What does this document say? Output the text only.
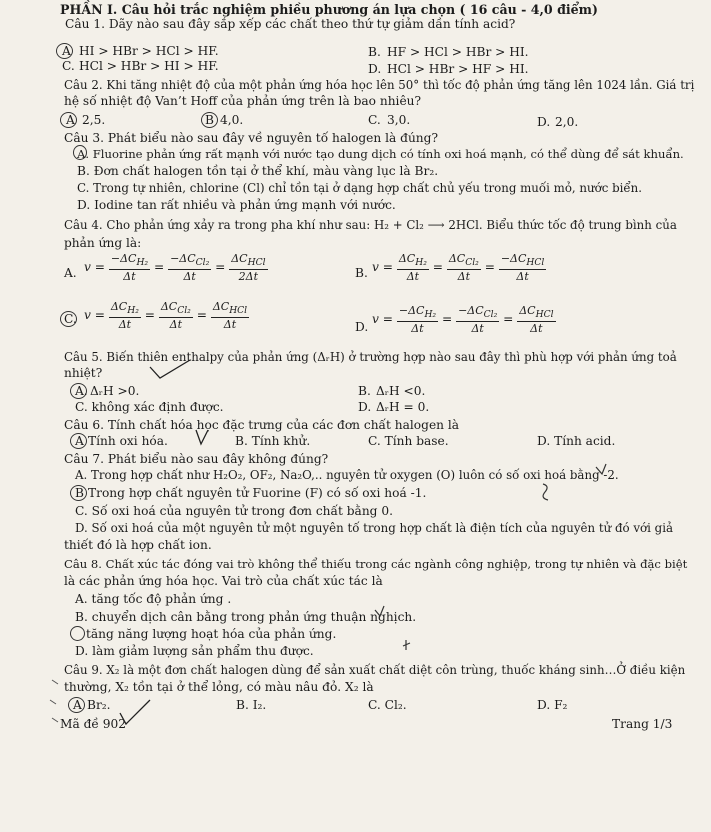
PHẦN I. Câu hỏi trắc nghiệm phiều phương án lựa chọn ( 16 câu - 4,0 điểm)
Câu 1. Dãy nào sau đây sắp xếp các chất theo thứ tự giảm dần tính acid?
A HI > HBr > HCl > HF.	B. HF > HCl > HBr > HI.
C. HCl > HBr > HI > HF.	D. HCl > HBr > HF > HI.
Câu 2. Khi tăng nhiệt độ của một phản ứng hóa học lên 50° thì tốc độ phản ứng tăng lên 1024 lần. Giá trị
hệ số nhiệt độ Van’t Hoff của phản ứng trên là bao nhiêu?
A 2,5.	B 4,0.	C. 3,0.	D. 2,0.
Câu 3. Phát biểu nào sau đây về nguyên tố halogen là đúng?
A. Fluorine phản ứng rất mạnh với nước tạo dung dịch có tính oxi hoá mạnh, có thể dùng để sát khuẩn.
B. Đơn chất halogen tồn tại ở thể khí, màu vàng lục là Br₂.
C. Trong tự nhiên, chlorine (Cl) chỉ tồn tại ở dạng hợp chất chủ yếu trong muối mỏ, nước biển.
D. Iodine tan rất nhiều và phản ứng mạnh với nước.
Câu 4. Cho phản ứng xảy ra trong pha khí như sau: H₂ + Cl₂ ⟶ 2HCl. Biểu thức tốc độ trung bình của
phản ứng là:
A. $v = \frac{-\Delta C_{H_2}}{\Delta t} = \frac{-\Delta C_{Cl_2}}{\Delta t} = \frac{\Delta C_{HCl}}{2\Delta t}$	B. $v = \frac{\Delta C_{H_2}}{\Delta t} = \frac{\Delta C_{Cl_2}}{\Delta t} = \frac{-\Delta C_{HCl}}{\Delta t}$
C. $v = \frac{\Delta C_{H_2}}{\Delta t} = \frac{\Delta C_{Cl_2}}{\Delta t} = \frac{\Delta C_{HCl}}{\Delta t}$	D.
$v = \frac{-\Delta C_{H_2}}{\Delta t} = \frac{-\Delta C_{Cl_2}}{\Delta t} = \frac{\Delta C_{HCl}}{\Delta t}$
Câu 5. Biến thiên enthalpy của phản ứng (ΔᵣH) ở trường hợp nào sau đây thì phù hợp với phản ứng toả
nhiệt?
A. ΔᵣH >0.	B. ΔᵣH <0.
C. không xác định được.	D. ΔᵣH = 0.
Câu 6. Tính chất hóa học đặc trưng của các đơn chất halogen là
A Tính oxi hóa.	B. Tính khử.	C. Tính base.	D. Tính acid.
Câu 7. Phát biểu nào sau đây không đúng?
A. Trong hợp chất như H₂O₂, OF₂, Na₂O,.. nguyên tử oxygen (O) luôn có số oxi hoá bằng -2.
B Trong hợp chất nguyên tử Fuorine (F) có số oxi hoá -1.
C. Số oxi hoá của nguyên tử trong đơn chất bằng 0.
D. Số oxi hoá của một nguyên tử một nguyên tố trong hợp chất là điện tích của nguyên tử đó với giả
thiết đó là hợp chất ion.
Câu 8. Chất xúc tác đóng vai trò không thể thiếu trong các ngành công nghiệp, trong tự nhiên và đặc biệt
là các phản ứng hóa học. Vai trò của chất xúc tác là
A. tăng tốc độ phản ứng .
B. chuyển dịch cân bằng trong phản ứng thuận nghịch.
tăng năng lượng hoạt hóa của phản ứng.
D. làm giảm lượng sản phẩm thu được.
Câu 9. X₂ là một đơn chất halogen dùng để sản xuất chất diệt côn trùng, thuốc kháng sinh…Ở điều kiện
thường, X₂ tồn tại ở thể lỏng, có màu nâu đỏ. X₂ là
A Br₂.	B. I₂.	C. Cl₂.	D. F₂
Mã đề 902	Trang 1/3
